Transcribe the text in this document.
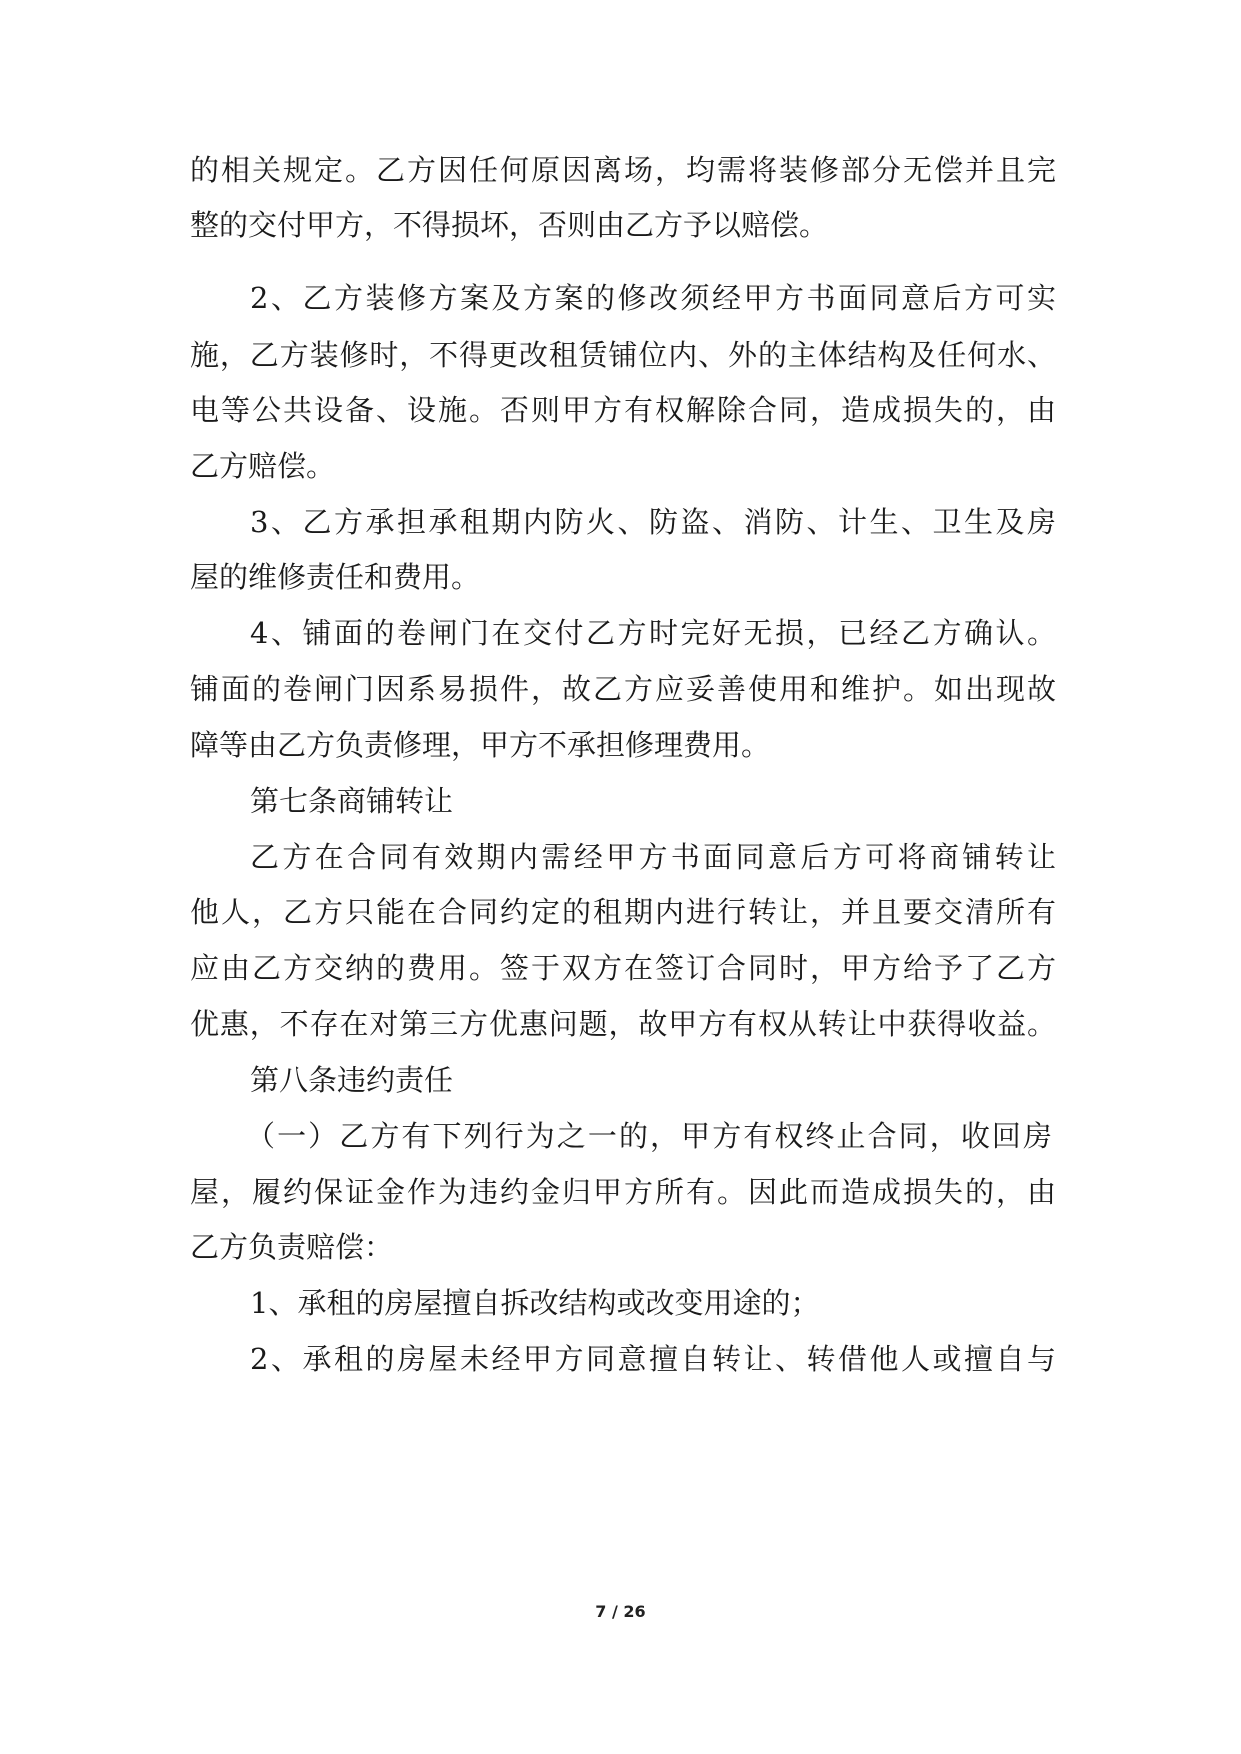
的相关规定。乙方因任何原因离场，均需将装修部分无偿并且完
整的交付甲方，不得损坏，否则由乙方予以赔偿。
2、乙方装修方案及方案的修改须经甲方书面同意后方可实
施，乙方装修时，不得更改租赁铺位内、外的主体结构及任何水、
电等公共设备、设施。否则甲方有权解除合同，造成损失的，由
乙方赔偿。
3、乙方承担承租期内防火、防盗、消防、计生、卫生及房
屋的维修责任和费用。
4、铺面的卷闸门在交付乙方时完好无损，已经乙方确认。
铺面的卷闸门因系易损件，故乙方应妥善使用和维护。如出现故
障等由乙方负责修理，甲方不承担修理费用。
第七条商铺转让
乙方在合同有效期内需经甲方书面同意后方可将商铺转让
他人，乙方只能在合同约定的租期内进行转让，并且要交清所有
应由乙方交纳的费用。签于双方在签订合同时，甲方给予了乙方
优惠，不存在对第三方优惠问题，故甲方有权从转让中获得收益。
第八条违约责任
（一）乙方有下列行为之一的，甲方有权终止合同，收回房
屋，履约保证金作为违约金归甲方所有。因此而造成损失的，由
乙方负责赔偿：
1、承租的房屋擅自拆改结构或改变用途的；
2、承租的房屋未经甲方同意擅自转让、转借他人或擅自与
7 / 26
